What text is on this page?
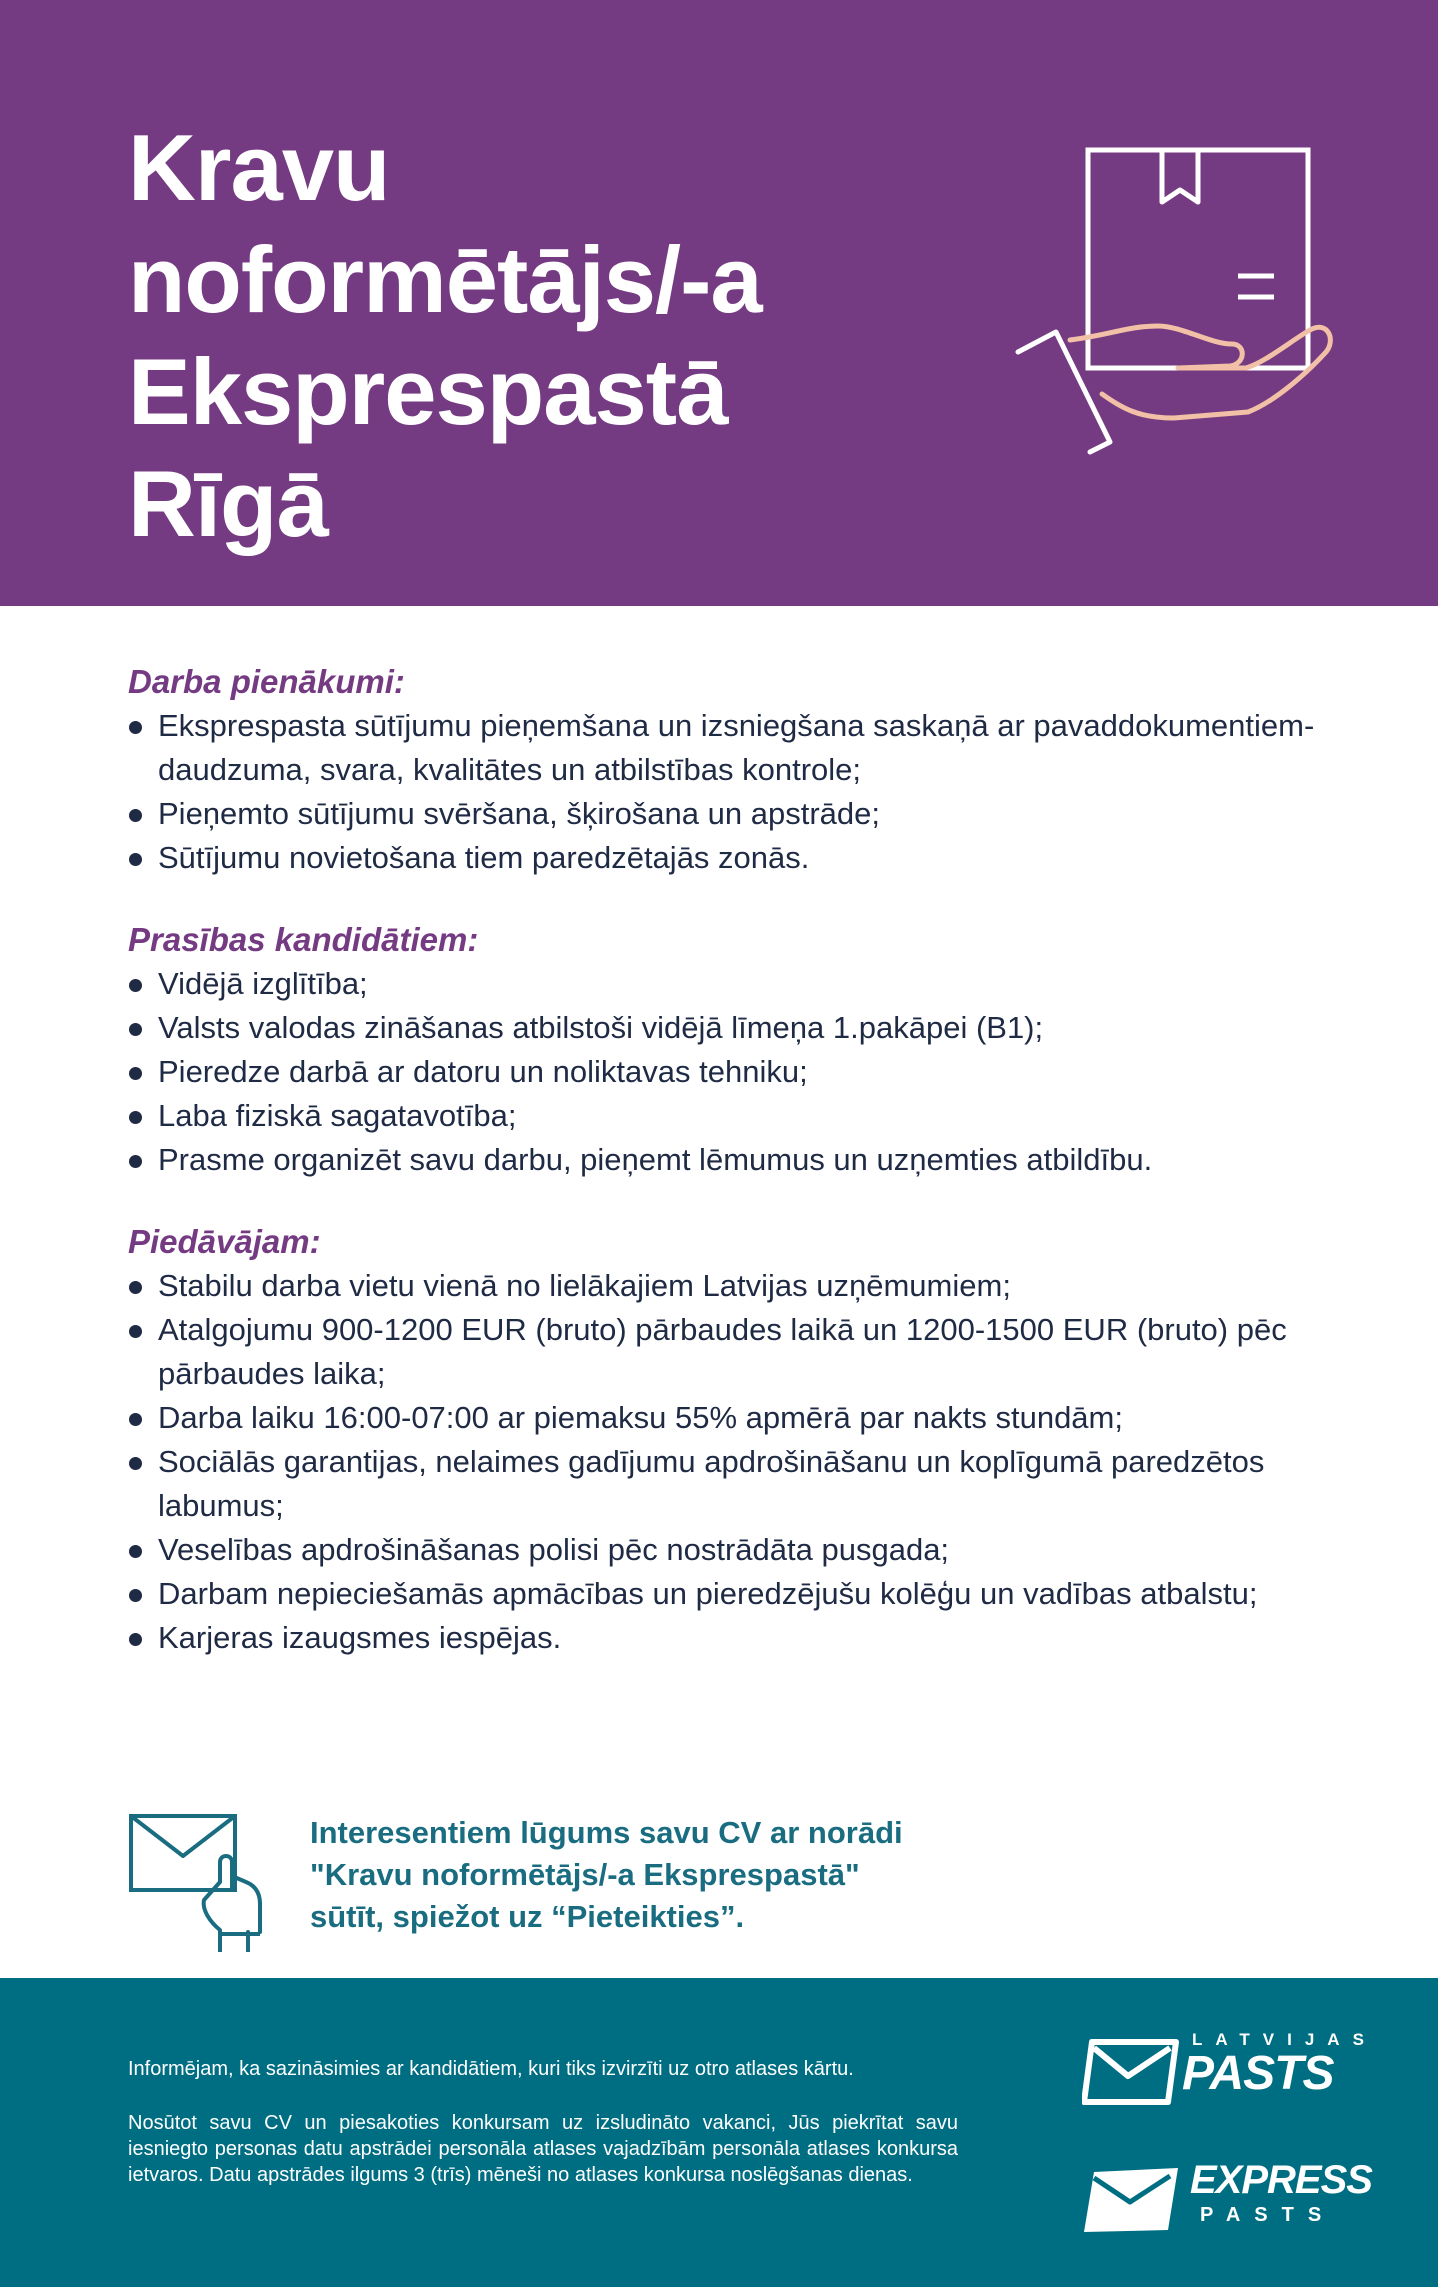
Kravu
noformētājs/-a
Eksprespastā
Rīgā
Darba pienākumi:
Eksprespasta sūtījumu pieņemšana un izsniegšana saskaņā ar pavaddokumentiem- daudzuma, svara, kvalitātes un atbilstības kontrole;
Pieņemto sūtījumu svēršana, šķirošana un apstrāde;
Sūtījumu novietošana tiem paredzētajās zonās.
Prasības kandidātiem:
Vidējā izglītība;
Valsts valodas zināšanas atbilstoši vidējā līmeņa 1.pakāpei (B1);
Pieredze darbā ar datoru un noliktavas tehniku;
Laba fiziskā sagatavotība;
Prasme organizēt savu darbu, pieņemt lēmumus un uzņemties atbildību.
Piedāvājam:
Stabilu darba vietu vienā no lielākajiem Latvijas uzņēmumiem;
Atalgojumu 900-1200 EUR (bruto) pārbaudes laikā un 1200-1500 EUR (bruto) pēc pārbaudes laika;
Darba laiku 16:00-07:00 ar piemaksu 55% apmērā par nakts stundām;
Sociālās garantijas, nelaimes gadījumu apdrošināšanu un koplīgumā paredzētos labumus;
Veselības apdrošināšanas polisi pēc nostrādāta pusgada;
Darbam nepieciešamās apmācības un pieredzējušu kolēģu un vadības atbalstu;
Karjeras izaugsmes iespējas.
Interesentiem lūgums savu CV ar norādi
"Kravu noformētājs/-a Eksprespastā"
sūtīt, spiežot uz “Pieteikties”.

Informējam, ka sazināsimies ar kandidātiem, kuri tiks izvirzīti uz otro atlases kārtu.

Nosūtot savu CV un piesakoties konkursam uz izsludināto vakanci, Jūs piekrītat savu iesniegto personas datu apstrādei personāla atlases vajadzībām personāla atlases konkursa ietvaros. Datu apstrādes ilgums 3 (trīs) mēneši no atlases konkursa noslēgšanas dienas.

LATVIJAS
PASTS
EXPRESS
PASTS
